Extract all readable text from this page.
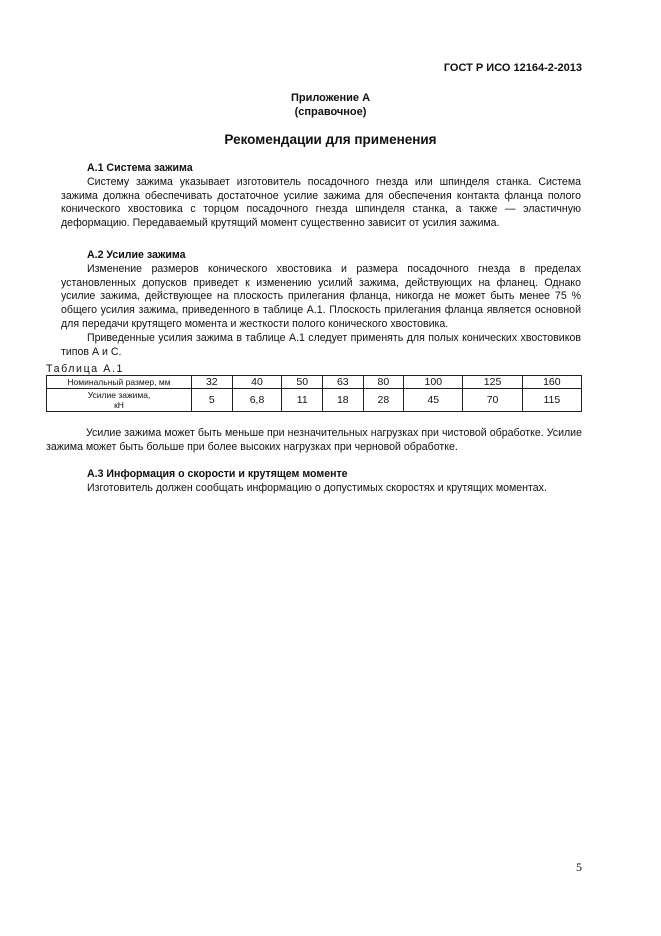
ГОСТ Р ИСО 12164-2-2013
Приложение А
(справочное)
Рекомендации для применения
А.1 Система зажима

Систему зажима указывает изготовитель посадочного гнезда или шпинделя станка. Система зажима должна обеспечивать достаточное усилие зажима для обеспечения контакта фланца полого конического хвостовика с торцом посадочного гнезда шпинделя станка, а также — эластичную деформацию. Передаваемый крутящий момент существенно зависит от усилия зажима.

А.2 Усилие зажима

Изменение размеров конического хвостовика и размера посадочного гнезда в пределах установленных допусков приведет к изменению усилий зажима, действующих на фланец. Однако усилие зажима, действующее на плоскость прилегания фланца, никогда не может быть менее 75 % общего усилия зажима, приведенного в таблице А.1. Плоскость прилегания фланца является основной для передачи крутящего момента и жесткости полого конического хвостовика.

Приведенные усилия зажима в таблице А.1 следует применять для полых конических хвостовиков типов А и С.

Таблица А.1
Номинальный размер, мм	32	40	50	63	80	100	125	160

Усилие зажима,
кН	5	6,8	11	18	28	45	70	115

Усилие зажима может быть меньше при незначительных нагрузках при чистовой обработке. Усилие зажима может быть больше при более высоких нагрузках при черновой обработке.

А.3 Информация о скорости и крутящем моменте

Изготовитель должен сообщать информацию о допустимых скоростях и крутящих моментах.

5
